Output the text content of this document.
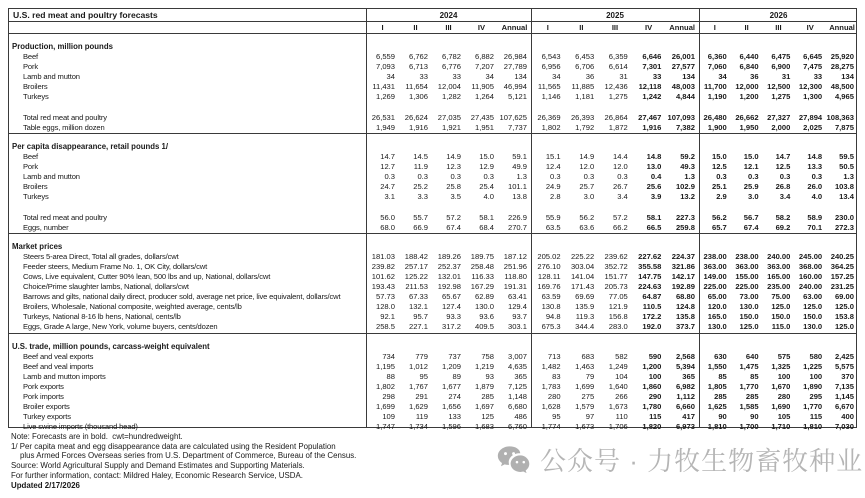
U.S. red meat and poultry forecasts	2024	2025	2026
I	II	III	IV	Annual	I	II	III	IV	Annual	I	II	III	IV	Annual
Production, million pounds
Beef	6,559	6,762	6,782	6,882	26,984	6,543	6,453	6,359	6,646	26,001	6,360	6,440	6,475	6,645	25,920
Pork	7,093	6,713	6,776	7,207	27,789	6,956	6,706	6,614	7,301	27,577	7,060	6,840	6,900	7,475	28,275
Lamb and mutton	34	33	33	34	134	34	36	31	33	134	34	36	31	33	134
Broilers	11,431	11,654	12,004	11,905	46,994	11,565	11,885	12,436	12,118	48,003	11,700	12,000	12,500	12,300	48,500
Turkeys	1,269	1,306	1,282	1,264	5,121	1,146	1,181	1,275	1,242	4,844	1,190	1,200	1,275	1,300	4,965
Total red meat and poultry	26,531	26,624	27,035	27,435 107,625	26,369	26,393	26,864	27,467 107,093	26,480	26,662	27,327	27,894 108,363
Table eggs, million dozen	1,949	1,916	1,921	1,951	7,737	1,802	1,792	1,872	1,916	7,382	1,900	1,950	2,000	2,025	7,875
Per capita disappearance, retail pounds 1/
Beef	14.7	14.5	14.9	15.0	59.1	15.1	14.9	14.4	14.8	59.2	15.0	15.0	14.7	14.8	59.5
Pork	12.7	11.9	12.3	12.9	49.9	12.4	12.0	12.0	13.0	49.3	12.5	12.1	12.5	13.3	50.5
Lamb and mutton	0.3	0.3	0.3	0.3	1.3	0.3	0.3	0.3	0.4	1.3	0.3	0.3	0.3	0.3	1.3
Broilers	24.7	25.2	25.8	25.4	101.1	24.9	25.7	26.7	25.6	102.9	25.1	25.9	26.8	26.0	103.8
Turkeys	3.1	3.3	3.5	4.0	13.8	2.8	3.0	3.4	3.9	13.2	2.9	3.0	3.4	4.0	13.4
Total red meat and poultry	56.0	55.7	57.2	58.1	226.9	55.9	56.2	57.2	58.1	227.3	56.2	56.7	58.2	58.9	230.0
Eggs, number	68.0	66.9	67.4	68.4	270.7	63.5	63.6	66.2	66.5	259.8	65.7	67.4	69.2	70.1	272.3
Market prices
Steers 5-area Direct, Total all grades, dollars/cwt	181.03	188.42	189.26	189.75	187.12	205.02	225.22	239.62	227.62	224.37	238.00	238.00	240.00	245.00	240.25
Feeder steers, Medium Frame No. 1, OK City, dollars/cwt	239.82	257.17	252.37	258.48	251.96	276.10	303.04	352.72	355.58	321.86	363.00	363.00	363.00	368.00	364.25
Cows, Live equivalent, Cutter 90% lean, 500 lbs and up, National, dollars/cwt	101.62	125.22	132.01	116.33	118.80	128.11	141.04	151.77	147.75	142.17	149.00	155.00	165.00	160.00	157.25
Choice/Prime slaughter lambs, National, dollars/cwt	193.43	211.53	192.98	167.29	191.31	169.76	171.43	205.73	224.63	192.89	225.00	225.00	235.00	240.00	231.25
Barrows and gilts, national daily direct, producer sold, average net price, live equivalent, dollars/cwt	57.73	67.33	65.67	62.89	63.41	63.59	69.69	77.05	64.87	68.80	65.00	73.00	75.00	63.00	69.00
Broilers, Wholesale, National composite, weighted average, cents/lb	128.0	132.1	127.4	130.0	129.4	130.8	135.9	121.9	110.5	124.8	120.0	130.0	125.0	125.0	125.0
Turkeys, National 8-16 lb hens, National, cents/lb	92.1	95.7	93.3	93.6	93.7	94.8	119.3	156.8	172.2	135.8	165.0	150.0	150.0	150.0	153.8
Eggs, Grade A large, New York, volume buyers, cents/dozen	258.5	227.1	317.2	409.5	303.1	675.3	344.4	283.0	192.0	373.7	130.0	125.0	115.0	130.0	125.0
U.S. trade, million pounds, carcass-weight equivalent
Beef and veal exports	734	779	737	758	3,007	713	683	582	590	2,568	630	640	575	580	2,425
Beef and veal imports	1,195	1,012	1,209	1,219	4,635	1,482	1,463	1,249	1,200	5,394	1,550	1,475	1,325	1,225	5,575
Lamb and mutton imports	88	95	89	93	365	83	79	104	100	365	85	85	100	100	370
Pork exports	1,802	1,767	1,677	1,879	7,125	1,783	1,699	1,640	1,860	6,982	1,805	1,770	1,670	1,890	7,135
Pork imports	298	291	274	285	1,148	280	275	266	290	1,112	285	285	280	295	1,145
Broiler exports	1,699	1,629	1,656	1,697	6,680	1,628	1,579	1,673	1,780	6,660	1,625	1,585	1,690	1,770	6,670
Turkey exports	109	119	133	125	486	95	97	110	115	417	90	90	105	115	400
Live swine imports (thousand head)	1,747	1,734	1,596	1,683	6,760	1,774	1,673	1,706	1,820	6,973	1,810	1,700	1,710	1,810	7,030
Note: Forecasts are in bold.  cwt=hundredweight.
1/ Per capita meat and egg disappearance data are calculated using the Resident Population
plus Armed Forces Overseas series from U.S. Department of Commerce, Bureau of the Census.
Source: World Agricultural Supply and Demand Estimates and Supporting Materials.
For further information, contact: Mildred Haley, Economic Research Service, USDA.
Updated 2/17/2026
公众号 · 力牧生物畜牧种业
